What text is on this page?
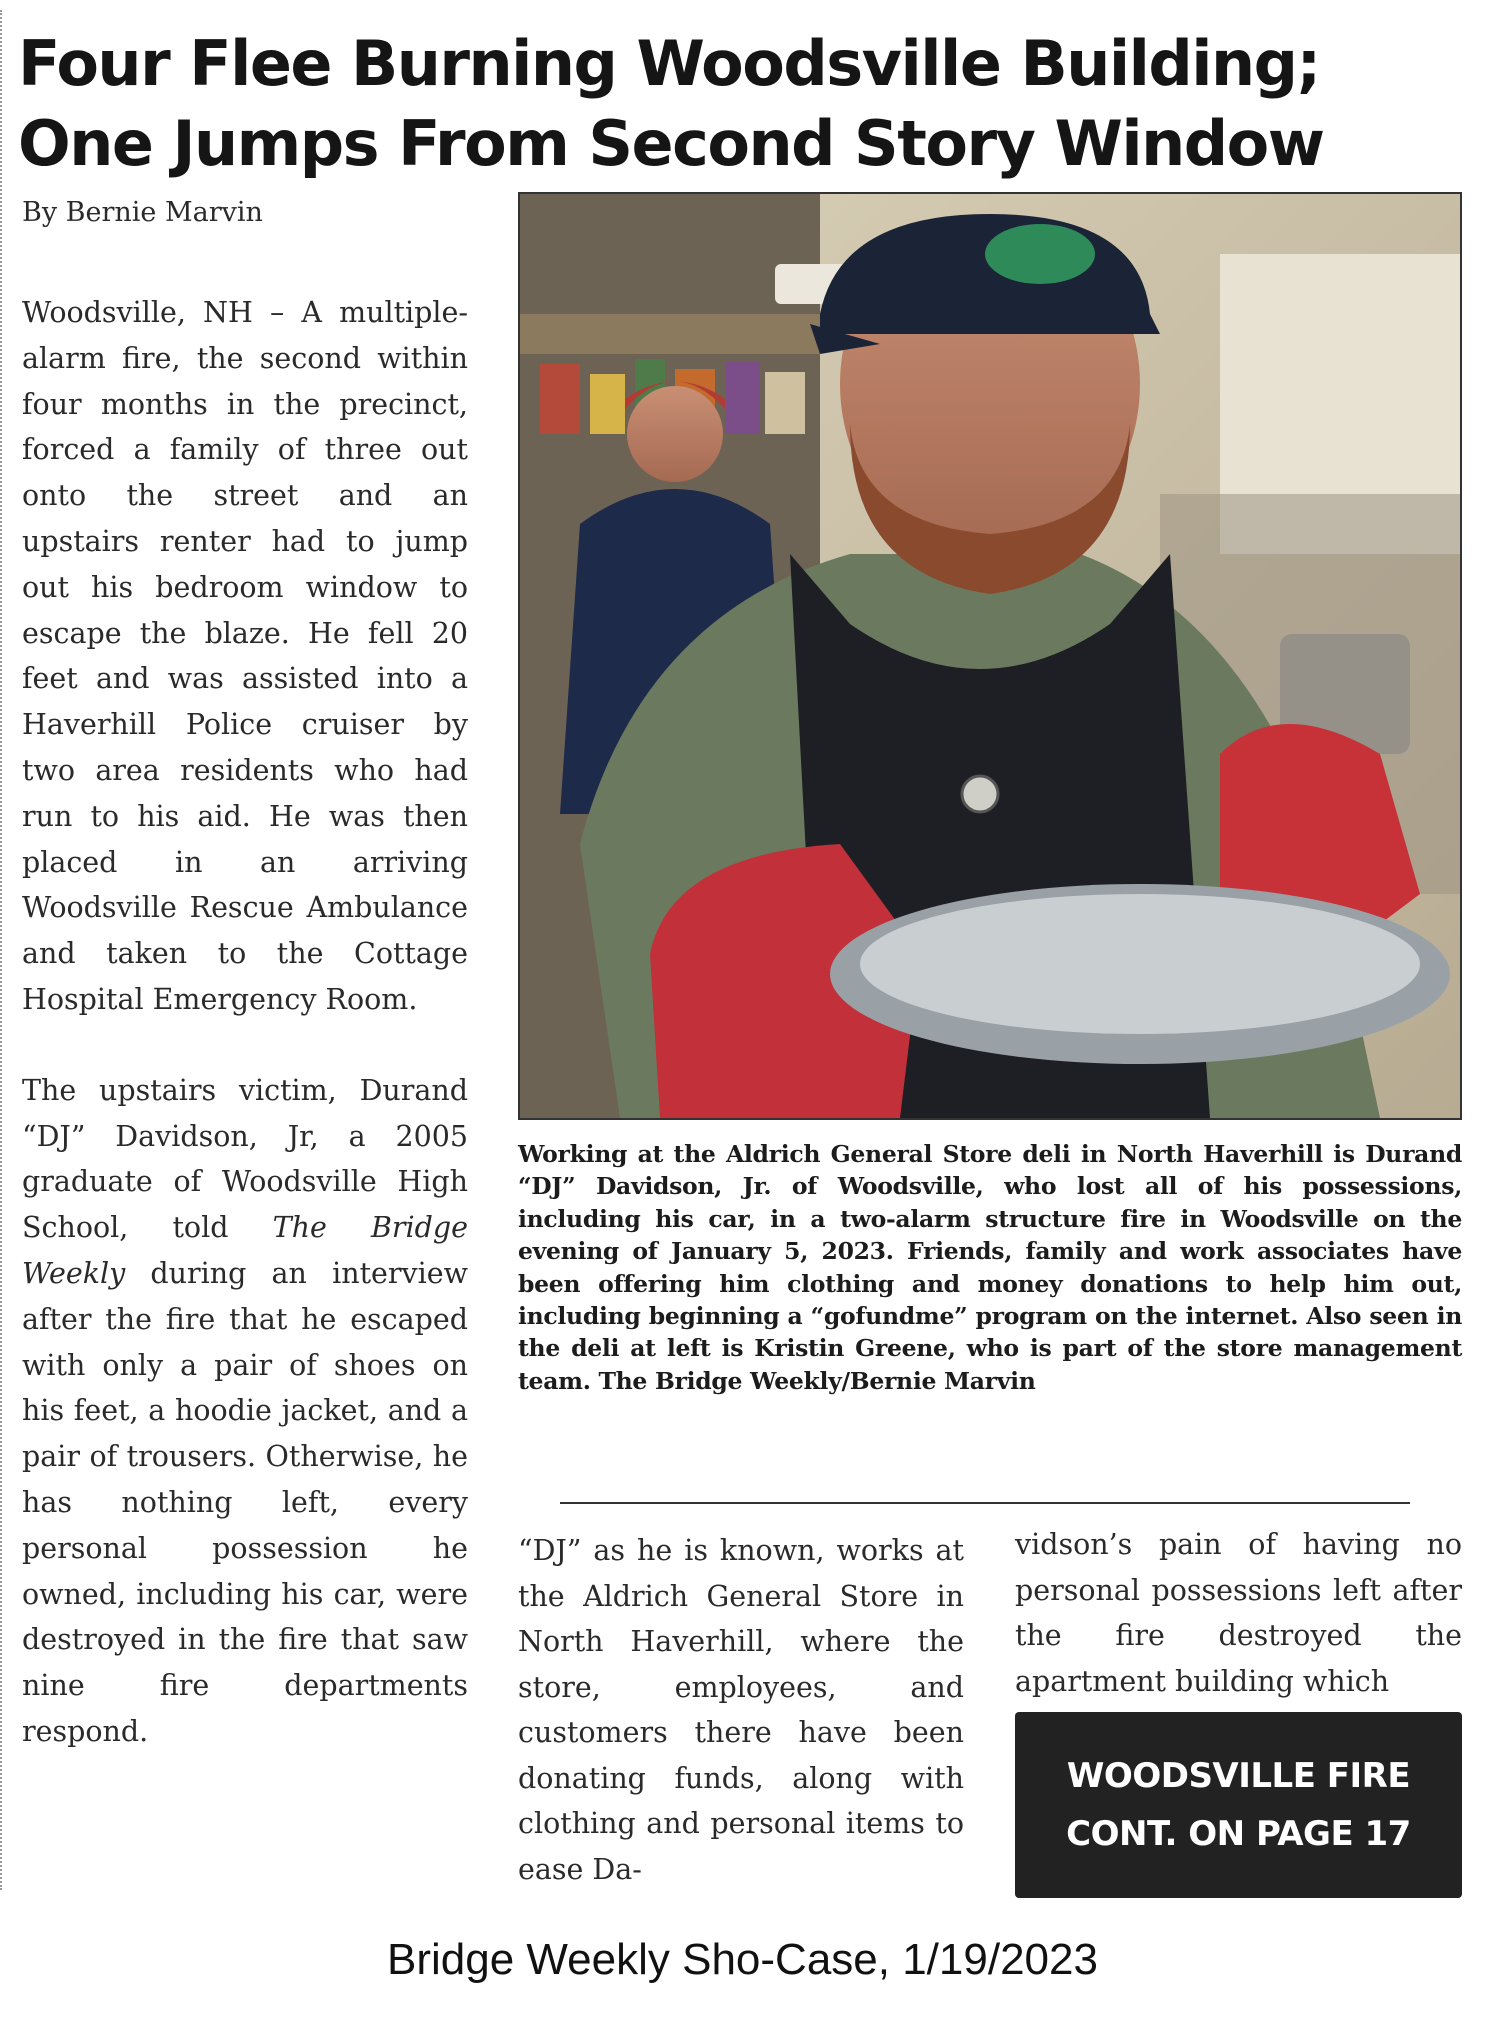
Four Flee Burning Woodsville Building;
One Jumps From Second Story Window

By Bernie Marvin

Woodsville, NH – A multiple-alarm fire, the second within four months in the precinct, forced a family of three out onto the street and an upstairs renter had to jump out his bedroom window to escape the blaze. He fell 20 feet and was assisted into a Haverhill Police cruiser by two area residents who had run to his aid. He was then placed in an arriving Woodsville Rescue Ambulance and taken to the Cottage Hospital Emergency Room.

The upstairs victim, Durand “DJ” Davidson, Jr, a 2005 graduate of Woodsville High School, told The Bridge Weekly during an interview after the fire that he escaped with only a pair of shoes on his feet, a hoodie jacket, and a pair of trousers. Otherwise, he has nothing left, every personal possession he owned, including his car, were destroyed in the fire that saw nine fire departments respond.

Working at the Aldrich General Store deli in North Haverhill is Durand “DJ” Davidson, Jr. of Woodsville, who lost all of his possessions, including his car, in a two-alarm structure fire in Woodsville on the evening of January 5, 2023. Friends, family and work associates have been offering him clothing and money donations to help him out, including beginning a “gofundme” program on the internet. Also seen in the deli at left is Kristin Greene, who is part of the store management team. The Bridge Weekly/Bernie Marvin

“DJ” as he is known, works at the Aldrich General Store in North Haverhill, where the store, employees, and customers there have been donating funds, along with clothing and personal items to ease Da-

vidson’s pain of having no personal possessions left after the fire destroyed the apartment building which

WOODSVILLE FIRE
CONT. ON PAGE 17

Bridge Weekly Sho-Case, 1/19/2023
